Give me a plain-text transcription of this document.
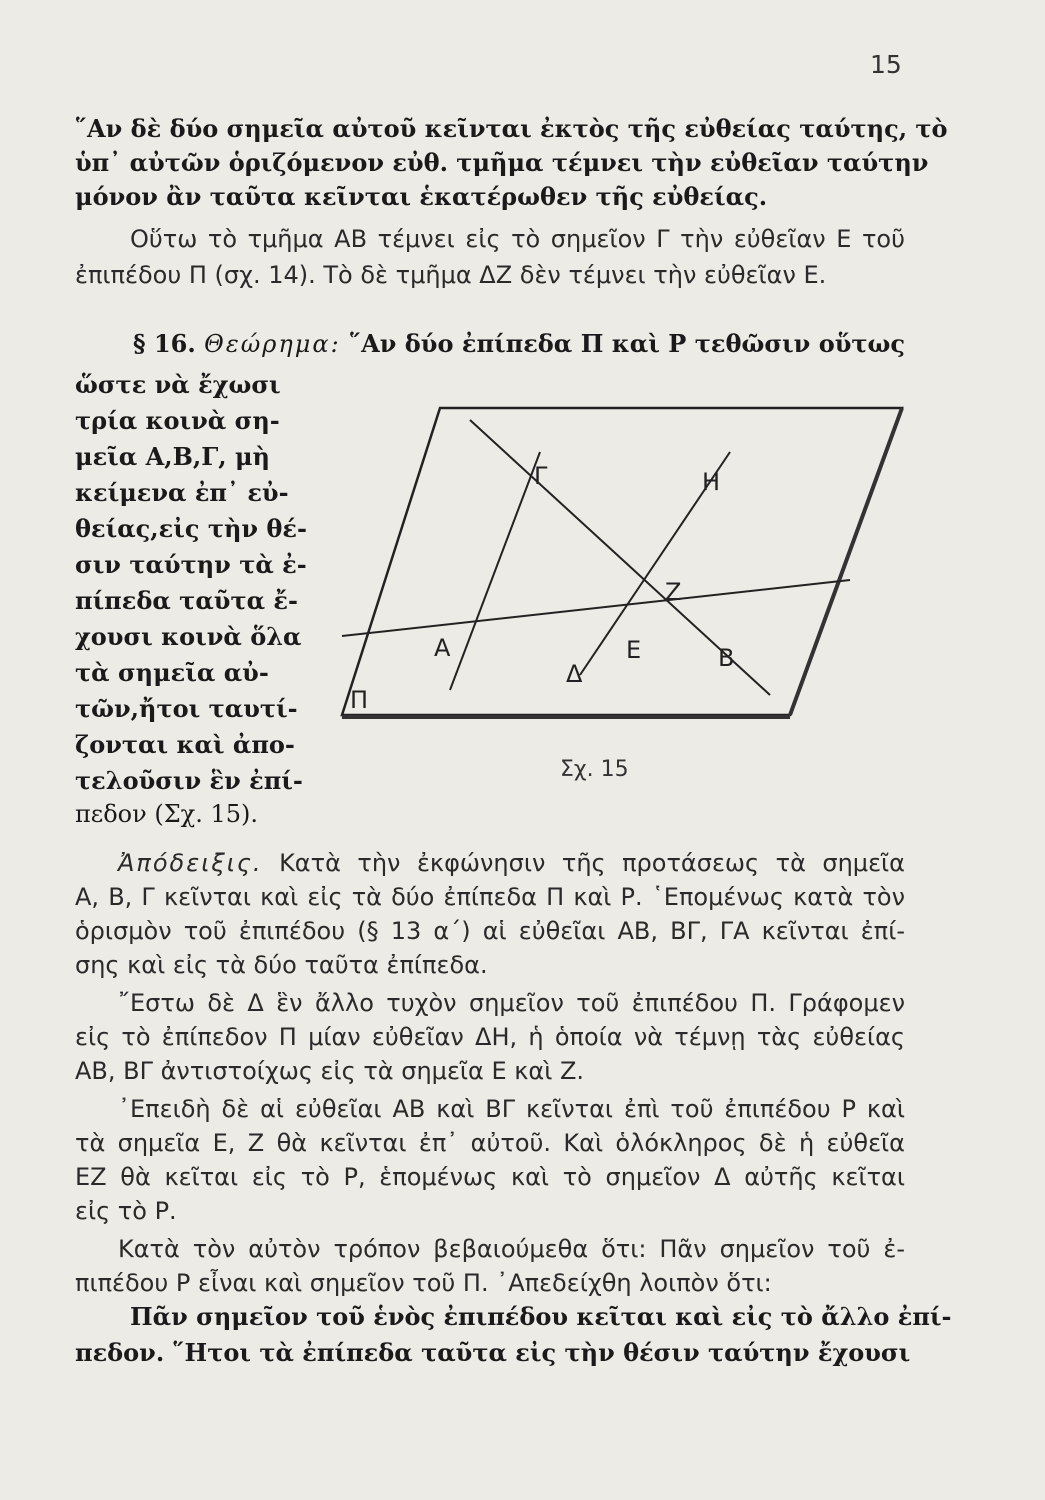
15
῞Αν δὲ δύο σημεῖα αὐτοῦ κεῖνται ἐκτὸς τῆς εὐθείας ταύτης, τὸ
ὑπ᾽ αὐτῶν ὁριζόμενον εὐθ. τμῆμα τέμνει τὴν εὐθεῖαν ταύτην
μόνον ἂν ταῦτα κεῖνται ἑκατέρωθεν τῆς εὐθείας.
Οὕτω τὸ τμῆμα ΑΒ τέμνει εἰς τὸ σημεῖον Γ τὴν εὐθεῖαν Ε τοῦ
ἐπιπέδου Π (σχ. 14). Τὸ δὲ τμῆμα ΔΖ δὲν τέμνει τὴν εὐθεῖαν Ε.
§ 16. Θεώρημα: ῞Αν δύο ἐπίπεδα Π καὶ Ρ τεθῶσιν οὕτως
ὥστε νὰ ἔχωσι
τρία κοινὰ ση-
μεῖα Α,Β,Γ, μὴ
κείμενα ἐπ᾽ εὐ-
θείας,εἰς τὴν θέ-
σιν ταύτην τὰ ἐ-
πίπεδα ταῦτα ἔ-
χουσι κοινὰ ὅλα
τὰ σημεῖα αὐ-
τῶν,ἤτοι ταυτί-
ζονται καὶ ἀπο-
τελοῦσιν ἓν ἐπί-
πεδον (Σχ. 15).
Γ	Η
Ζ
Α	Ε	Β
Δ
Π
Σχ. 15
Ἀπόδειξις. Κατὰ τὴν ἐκφώνησιν τῆς προτάσεως τὰ σημεῖα
Α, Β, Γ κεῖνται καὶ εἰς τὰ δύο ἐπίπεδα Π καὶ Ρ. ῾Επομένως κατὰ τὸν
ὁρισμὸν τοῦ ἐπιπέδου (§ 13 α΄) αἱ εὐθεῖαι ΑΒ, ΒΓ, ΓΑ κεῖνται ἐπί-
σης καὶ εἰς τὰ δύο ταῦτα ἐπίπεδα.
῎Εστω δὲ Δ ἓν ἄλλο τυχὸν σημεῖον τοῦ ἐπιπέδου Π. Γράφομεν
εἰς τὸ ἐπίπεδον Π μίαν εὐθεῖαν ΔΗ, ἡ ὁποία νὰ τέμνῃ τὰς εὐθείας
ΑΒ, ΒΓ ἀντιστοίχως εἰς τὰ σημεῖα Ε καὶ Ζ.
᾽Επειδὴ δὲ αἱ εὐθεῖαι ΑΒ καὶ ΒΓ κεῖνται ἐπὶ τοῦ ἐπιπέδου Ρ καὶ
τὰ σημεῖα Ε, Ζ θὰ κεῖνται ἐπ᾽ αὐτοῦ. Καὶ ὁλόκληρος δὲ ἡ εὐθεῖα
ΕΖ θὰ κεῖται εἰς τὸ Ρ, ἑπομένως καὶ τὸ σημεῖον Δ αὐτῆς κεῖται
εἰς τὸ Ρ.
Κατὰ τὸν αὐτὸν τρόπον βεβαιούμεθα ὅτι: Πᾶν σημεῖον τοῦ ἐ-
πιπέδου Ρ εἶναι καὶ σημεῖον τοῦ Π. ᾽Απεδείχθη λοιπὸν ὅτι:
Πᾶν σημεῖον τοῦ ἑνὸς ἐπιπέδου κεῖται καὶ εἰς τὸ ἄλλο ἐπί-
πεδον. ῞Ητοι τὰ ἐπίπεδα ταῦτα εἰς τὴν θέσιν ταύτην ἔχουσι
